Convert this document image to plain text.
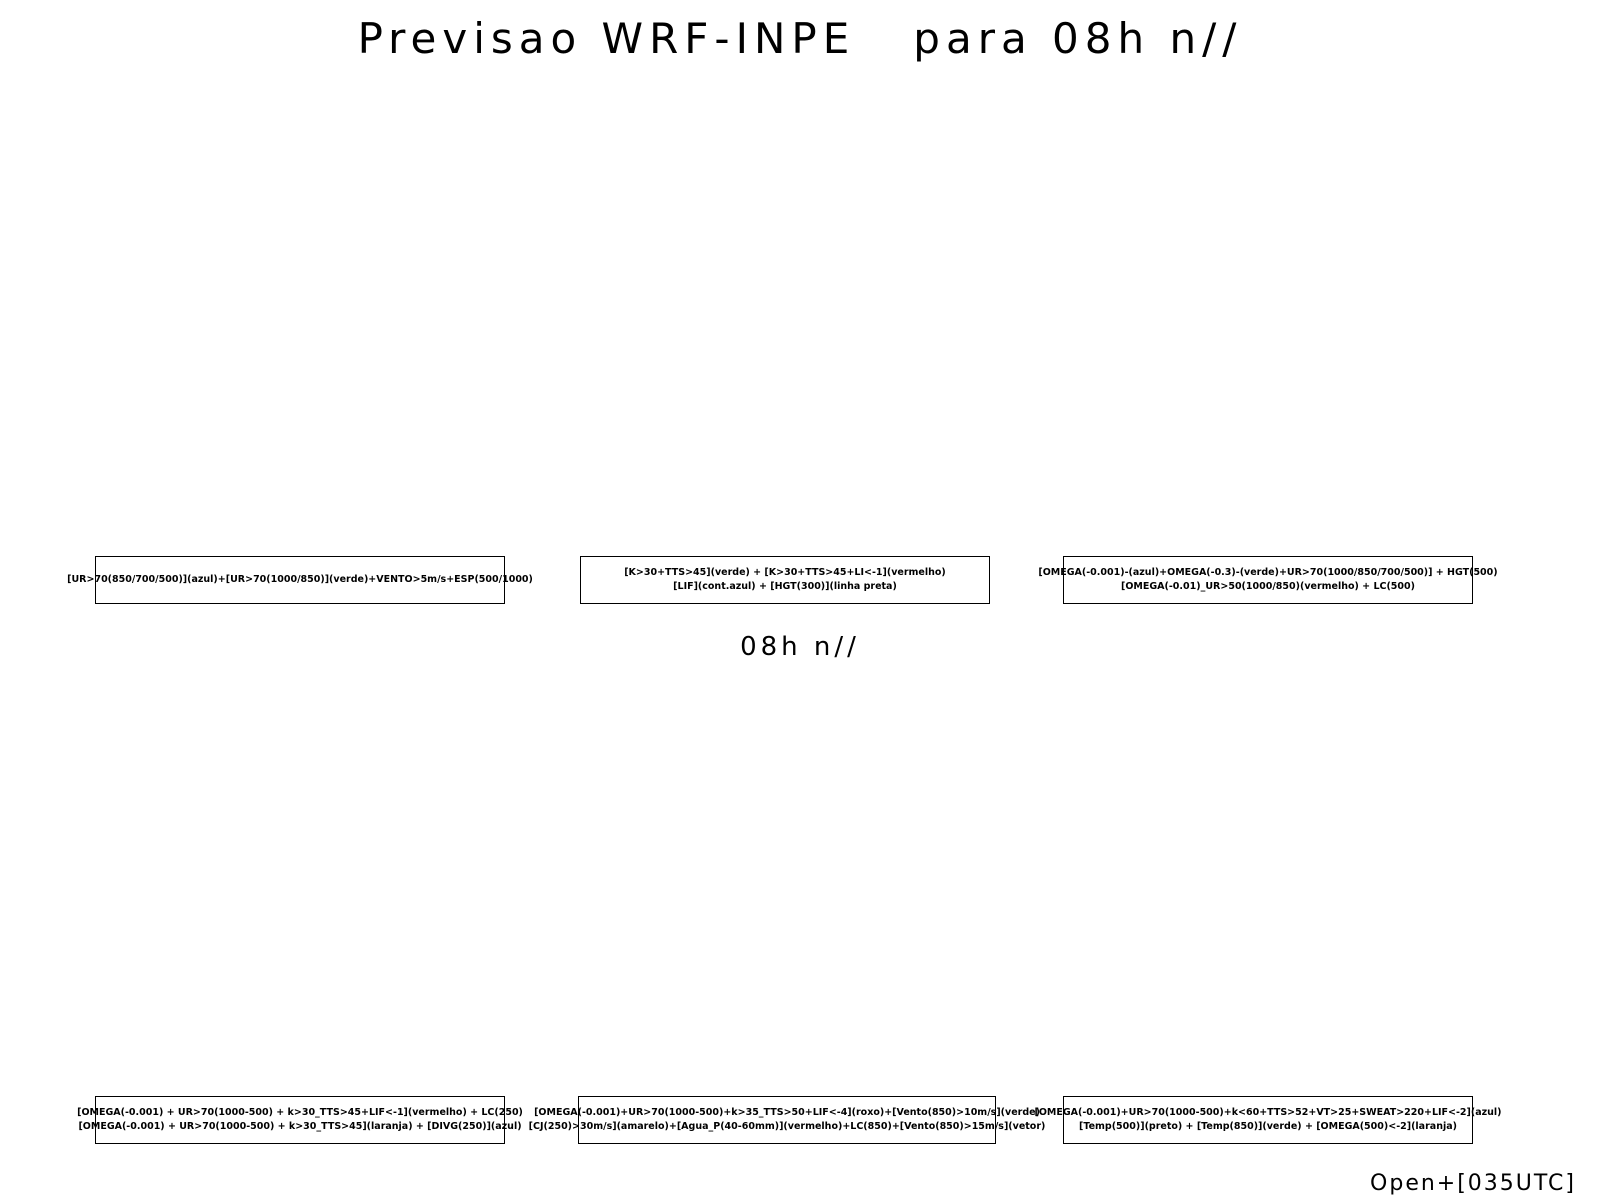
Previsao WRF-INPE   para 08h n//
[UR>70(850/700/500)](azul)+[UR>70(1000/850)](verde)+VENTO>5m/s+ESP(500/1000)
[K>30+TTS>45](verde) + [K>30+TTS>45+LI<-1](vermelho)
[LIF](cont.azul) + [HGT(300)](linha preta)
[OMEGA(-0.001)-(azul)+OMEGA(-0.3)-(verde)+UR>70(1000/850/700/500)] + HGT(500)
[OMEGA(-0.01)_UR>50(1000/850)(vermelho) + LC(500)
08h n//
[OMEGA(-0.001) + UR>70(1000-500) + k>30_TTS>45+LIF<-1](vermelho) + LC(250)
[OMEGA(-0.001) + UR>70(1000-500) + k>30_TTS>45](laranja) + [DIVG(250)](azul)
[OMEGA(-0.001)+UR>70(1000-500)+k>35_TTS>50+LIF<-4](roxo)+[Vento(850)>10m/s](verde)
[CJ(250)>30m/s](amarelo)+[Agua_P(40-60mm)](vermelho)+LC(850)+[Vento(850)>15m/s](vetor)
[OMEGA(-0.001)+UR>70(1000-500)+k<60+TTS>52+VT>25+SWEAT>220+LIF<-2](azul)
[Temp(500)](preto) + [Temp(850)](verde) + [OMEGA(500)<-2](laranja)
Open+[035UTC]
